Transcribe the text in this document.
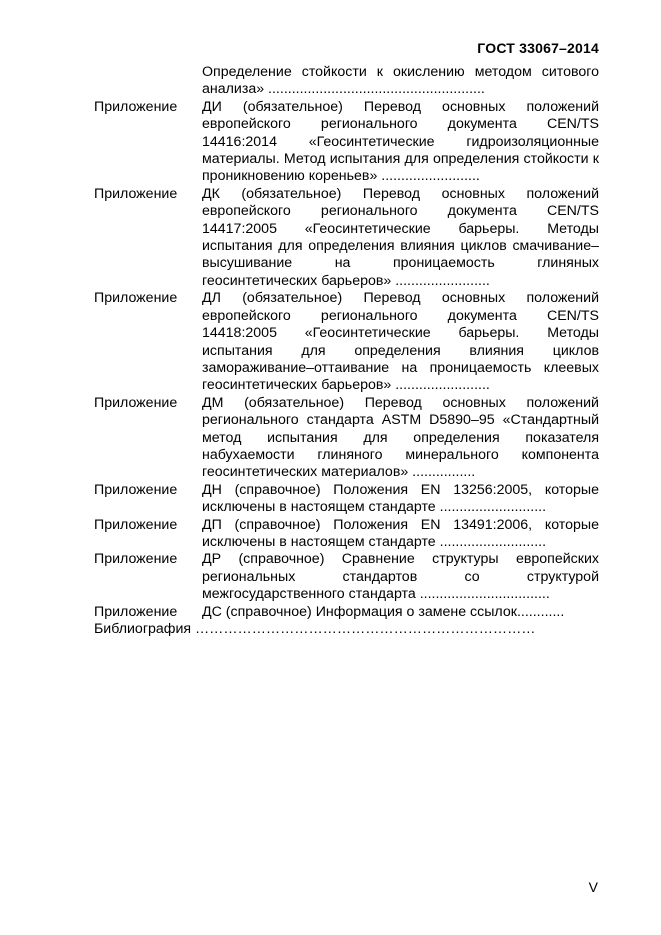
ГОСТ 33067–2014
Определение стойкости к окислению методом ситового анализа» .......................................................
Приложение	ДИ (обязательное) Перевод основных положений европейского регионального документа CEN/TS 14416:2014 «Геосинтетические гидроизоляционные материалы. Метод испытания для определения стойкости к проникновению кореньев» .........................
Приложение	ДК (обязательное) Перевод основных положений европейского регионального документа CEN/TS 14417:2005 «Геосинтетические барьеры. Методы испытания для определения влияния циклов смачивание–высушивание на проницаемость глиняных геосинтетических барьеров» ........................
Приложение	ДЛ (обязательное) Перевод основных положений европейского регионального документа CEN/TS 14418:2005 «Геосинтетические барьеры. Методы испытания для определения влияния циклов замораживание–оттаивание на проницаемость клеевых геосинтетических барьеров» ........................
Приложение	ДМ (обязательное) Перевод основных положений регионального стандарта ASTM D5890–95 «Стандартный метод испытания для определения показателя набухаемости глиняного минерального компонента геосинтетических материалов» ................
Приложение	ДН (справочное) Положения EN 13256:2005, которые исключены в настоящем стандарте ...........................
Приложение	ДП (справочное) Положения EN 13491:2006, которые исключены в настоящем стандарте ...........................
Приложение	ДР (справочное) Сравнение структуры европейских региональных стандартов со структурой межгосударственного стандарта .................................
Приложение	ДС (справочное) Информация о замене ссылок............
Библиография ………………………………………………………………
V
